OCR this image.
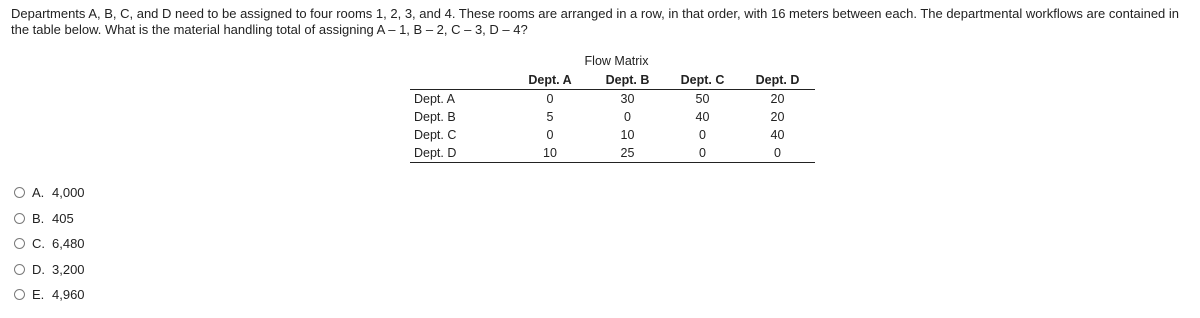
Departments A, B, C, and D need to be assigned to four rooms 1, 2, 3, and 4. These rooms are arranged in a row, in that order, with 16 meters between each. The departmental workflows are contained in the table below. What is the material handling total of assigning A – 1, B – 2, C – 3, D – 4?

Flow Matrix
	Dept. A	Dept. B	Dept. C	Dept. D
Dept. A	0	30	50	20
Dept. B	5	0	40	20
Dept. C	0	10	0	40
Dept. D	10	25	0	0
A. 4,000
B. 405
C. 6,480
D. 3,200
E. 4,960
